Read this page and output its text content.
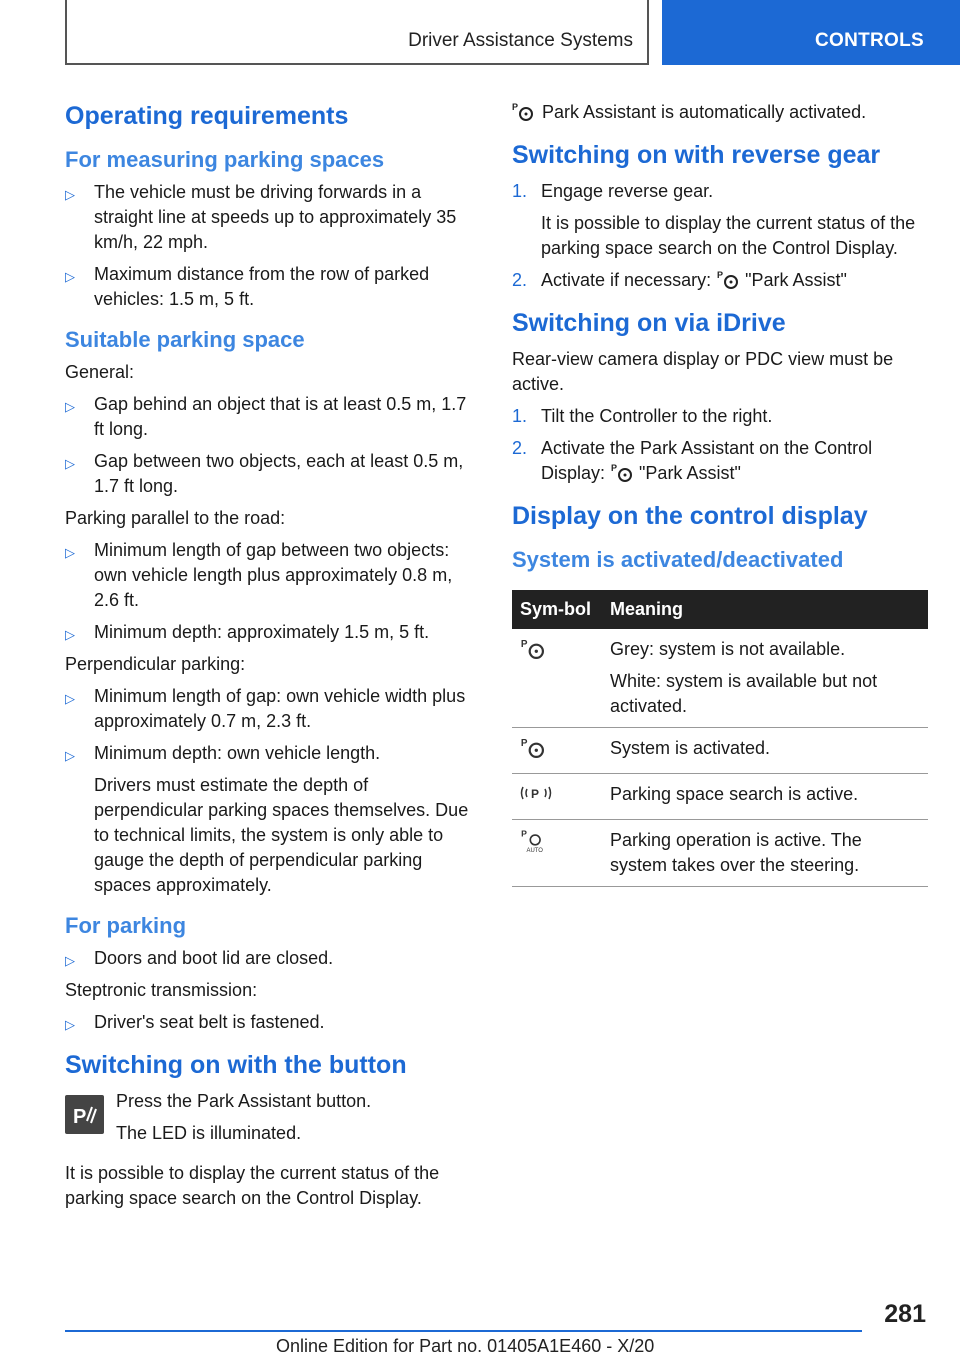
Driver Assistance Systems	CONTROLS
Operating requirements
For measuring parking spaces
▷ The vehicle must be driving forwards in a straight line at speeds up to approximately 35 km/h, 22 mph.
▷ Maximum distance from the row of parked vehicles: 1.5 m, 5 ft.
Suitable parking space

General:

▷ Gap behind an object that is at least 0.5 m, 1.7 ft long.
▷ Gap between two objects, each at least 0.5 m, 1.7 ft long.

Parking parallel to the road:

▷ Minimum length of gap between two objects: own vehicle length plus approximately 0.8 m, 2.6 ft.
▷ Minimum depth: approximately 1.5 m, 5 ft.

Perpendicular parking:

▷ Minimum length of gap: own vehicle width plus approximately 0.7 m, 2.3 ft.
▷ Minimum depth: own vehicle length.
Drivers must estimate the depth of perpendicular parking spaces themselves. Due to technical limits, the system is only able to gauge the depth of perpendicular parking spaces approximately.
For parking
▷ Doors and boot lid are closed.

Steptronic transmission:

▷ Driver's seat belt is fastened.
Switching on with the button
P

Press the Park Assistant button.

The LED is illuminated.

It is possible to display the current status of the parking space search on the Control Display.

P Park Assistant is automatically activated.

Switching on with reverse gear
1. Engage reverse gear.
It is possible to display the current status of the parking space search on the Control Display.
2. Activate if necessary: P "Park Assist"
Switching on via iDrive

Rear-view camera display or PDC view must be active.

1. Tilt the Controller to the right.
2. Activate the Park Assistant on the Control Display: P "Park Assist"
Display on the control display
System is activated/deactivated
Sym-bol	Meaning

P	Grey: system is not available.

White: system is available but not activated.

P	System is activated.

P	Parking space search is active.

P
AUTO	Parking operation is active. The system takes over the steering.

281
Online Edition for Part no. 01405A1E460 - X/20
